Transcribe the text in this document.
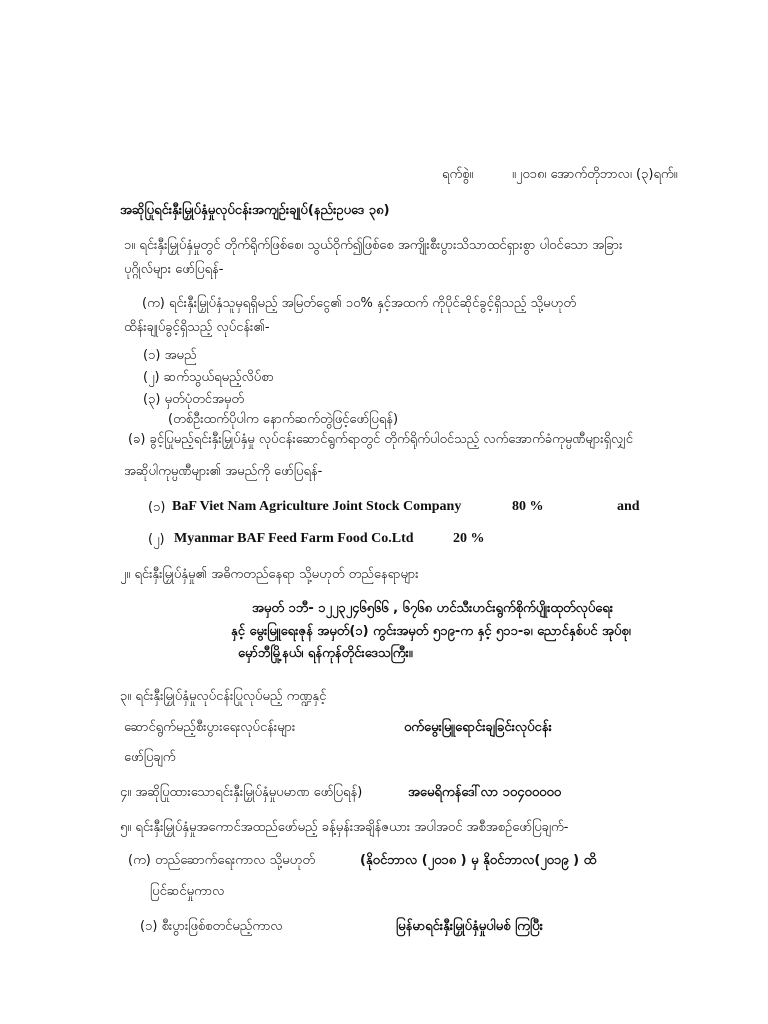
ရက်စွဲ။	။၂၀၁၈၊ အောက်တိုဘာလ၊ (၃)ရက်။
အဆိုပြုရင်းနှီးမြှုပ်နှံမှုလုပ်ငန်းအကျဉ်းချုပ်(နည်းဥပဒေ ၃၈)
၁။ ရင်းနှီးမြှုပ်နှံမှုတွင် တိုက်ရိုက်ဖြစ်စေ၊ သွယ်ဝိုက်၍ဖြစ်စေ အကျိုးစီးပွားသိသာထင်ရှားစွာ ပါဝင်သော အခြား
ပုဂ္ဂိုလ်များ ဖော်ပြရန်-
(က) ရင်းနှီးမြှုပ်နှံသူမှရရှိမည့် အမြတ်ငွေ၏ ၁၀% နှင့်အထက် ကိုပိုင်ဆိုင်ခွင့်ရှိသည့် သို့မဟုတ်
ထိန်းချုပ်ခွင့်ရှိသည့် လုပ်ငန်း၏-
(၁) အမည်
(၂) ဆက်သွယ်ရမည့်လိပ်စာ
(၃) မှတ်ပုံတင်အမှတ်
(တစ်ဦးထက်ပိုပါက နောက်ဆက်တွဲဖြင့်ဖော်ပြရန်)
(ခ) ခွင့်ပြုမည့်ရင်းနှီးမြှုပ်နှံမှု လုပ်ငန်းဆောင်ရွက်ရာတွင် တိုက်ရိုက်ပါဝင်သည့် လက်အောက်ခံကုမ္ပဏီများရှိလျှင်
အဆိုပါကုမ္ပဏီများ၏ အမည်ကို ဖော်ပြရန်-
(၁) BaF Viet Nam Agriculture Joint Stock Company	80 %	and
(၂) Myanmar BAF Feed Farm Food Co.Ltd	20 %
၂။ ရင်းနှီးမြှုပ်နှံမှု၏ အဓိကတည်နေရာ သို့မဟုတ် တည်နေရာများ
အမှတ် ၁ဘီ- ၁၂၂၃၂၄၆၅၆၆ , ၆၇၆၈ ဟင်သီးဟင်းရွက်စိုက်ပျိုးထုတ်လုပ်ရေး
နှင့် မွေးမြူရေးဇုန် အမှတ်(၁) ကွင်းအမှတ် ၅၁၉-က နှင့် ၅၁၁-ခ၊ ညောင်နှစ်ပင် အုပ်စု၊
မှော်ဘီမြို့နယ်၊ ရန်ကုန်တိုင်းဒေသကြီး။
၃။ ရင်းနှီးမြှုပ်နှံမှုလုပ်ငန်းပြုလုပ်မည့် ကဏ္ဍနှင့်
ဆောင်ရွက်မည့်စီးပွားရေးလုပ်ငန်းများ	ဝက်မွေးမြူရောင်းချခြင်းလုပ်ငန်း
ဖော်ပြချက်
၄။ အဆိုပြုထားသောရင်းနှီးမြှုပ်နှံမှုပမာဏ ဖော်ပြရန်)	အမေရိကန်ဒေါ်လာ ၁၀၄၀၀၀၀၀
၅။ ရင်းနှီးမြှုပ်နှံမှုအကောင်အထည်ဖော်မည့် ခန့်မှန်းအချိန်ဇယား အပါအဝင် အစီအစဉ်ဖော်ပြချက်-
(က) တည်ဆောက်ရေးကာလ သို့မဟုတ်	(နိုဝင်ဘာလ (၂၀၁၈ ) မှ နိုဝင်ဘာလ(၂၀၁၉ ) ထိ
ပြင်ဆင်မှုကာလ
(၁) စီးပွားဖြစ်စတင်မည့်ကာလ	မြန်မာရင်းနှီးမြှုပ်နှံမှုပါမစ် ကြပြီး
